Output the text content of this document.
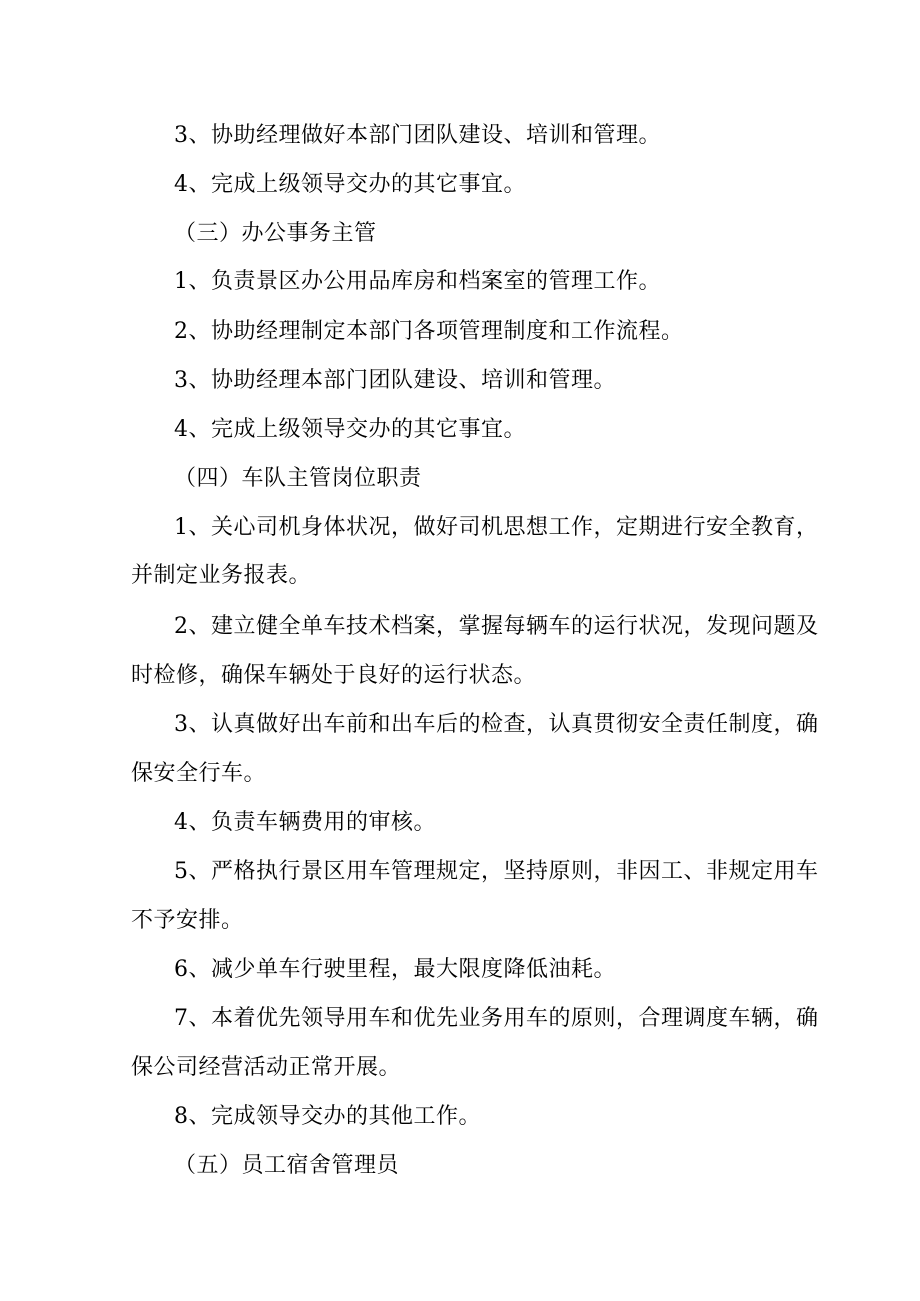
3、协助经理做好本部门团队建设、培训和管理。
4、完成上级领导交办的其它事宜。
（三）办公事务主管
1、负责景区办公用品库房和档案室的管理工作。
2、协助经理制定本部门各项管理制度和工作流程。
3、协助经理本部门团队建设、培训和管理。
4、完成上级领导交办的其它事宜。
（四）车队主管岗位职责
1、关心司机身体状况，做好司机思想工作，定期进行安全教育，
并制定业务报表。
2、建立健全单车技术档案，掌握每辆车的运行状况，发现问题及
时检修，确保车辆处于良好的运行状态。
3、认真做好出车前和出车后的检查，认真贯彻安全责任制度，确
保安全行车。
4、负责车辆费用的审核。
5、严格执行景区用车管理规定，坚持原则，非因工、非规定用车
不予安排。
6、减少单车行驶里程，最大限度降低油耗。
7、本着优先领导用车和优先业务用车的原则，合理调度车辆，确
保公司经营活动正常开展。
8、完成领导交办的其他工作。
（五）员工宿舍管理员
